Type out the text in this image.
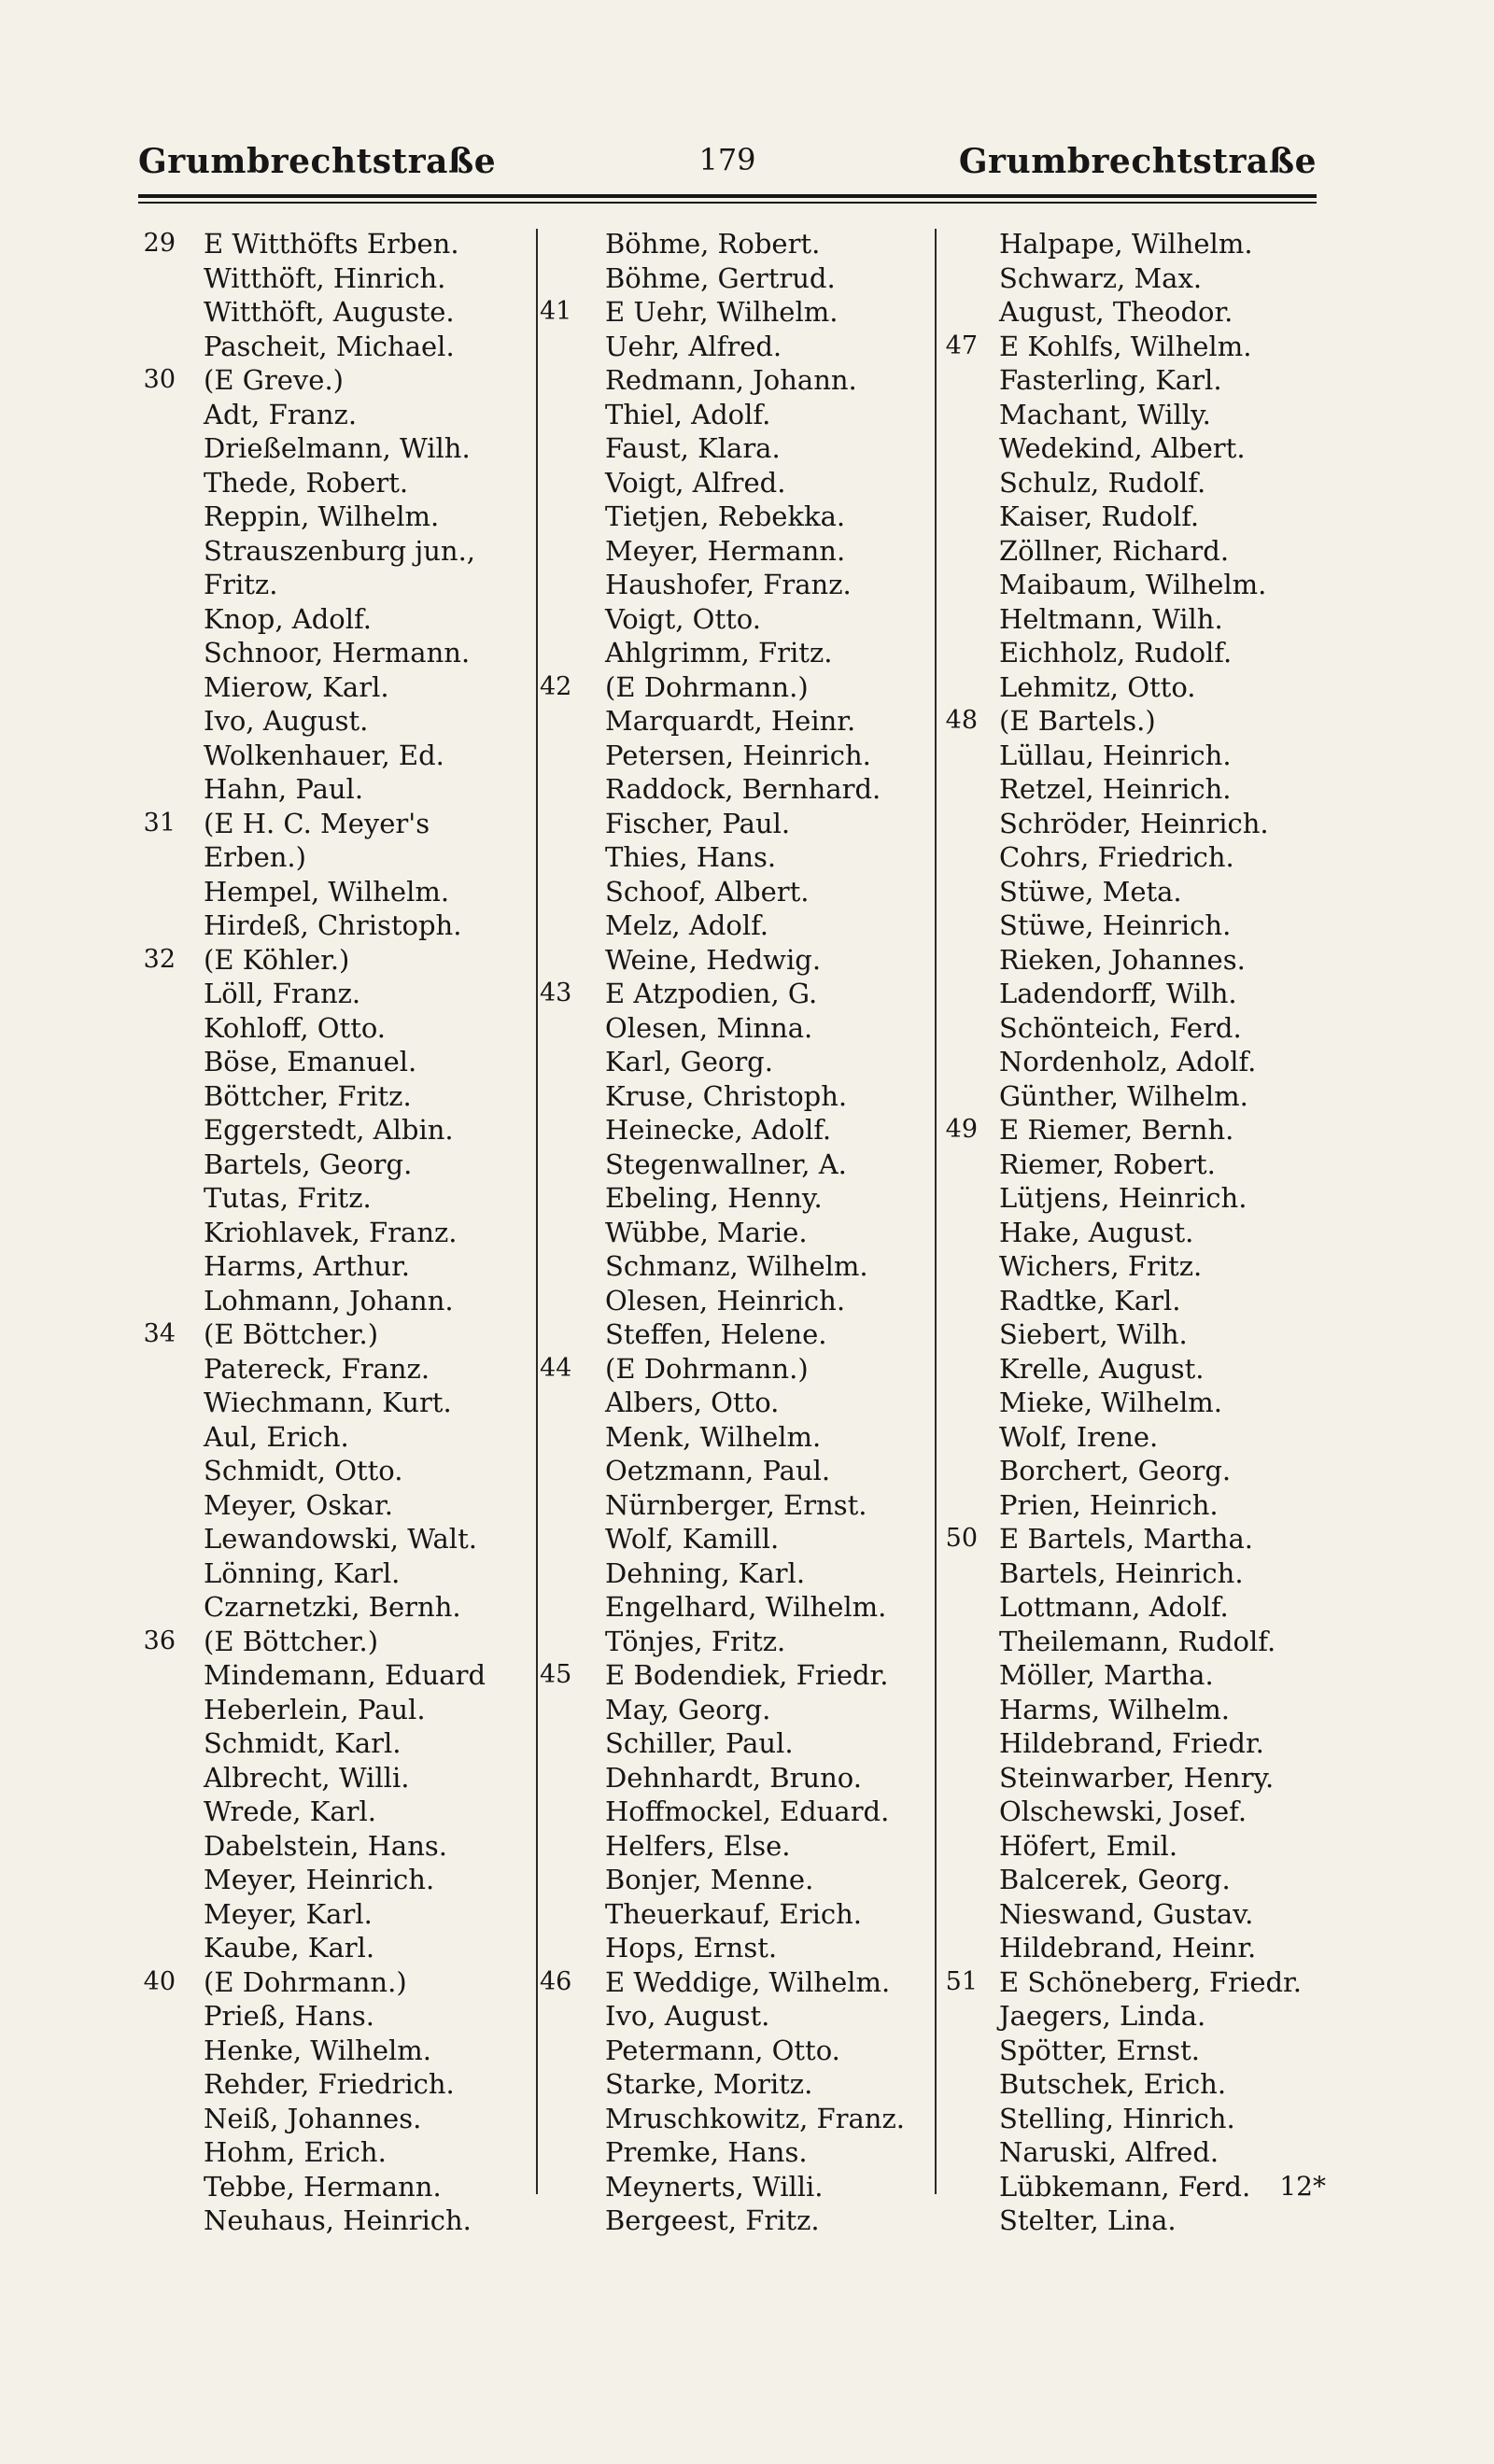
Grumbrechtstraße	179	Grumbrechtstraße
29 E Witthöfts Erben.
Witthöft, Hinrich.
Witthöft, Auguste.
Pascheit, Michael.
30 (E Greve.)
Adt, Franz.
Drießelmann, Wilh.
Thede, Robert.
Reppin, Wilhelm.
Strauszenburg jun.,
Fritz.
Knop, Adolf.
Schnoor, Hermann.
Mierow, Karl.
Ivo, August.
Wolkenhauer, Ed.
Hahn, Paul.
31 (E H. C. Meyer's
Erben.)
Hempel, Wilhelm.
Hirdeß, Christoph.
32 (E Köhler.)
Löll, Franz.
Kohloff, Otto.
Böse, Emanuel.
Böttcher, Fritz.
Eggerstedt, Albin.
Bartels, Georg.
Tutas, Fritz.
Kriohlavek, Franz.
Harms, Arthur.
Lohmann, Johann.
34 (E Böttcher.)
Patereck, Franz.
Wiechmann, Kurt.
Aul, Erich.
Schmidt, Otto.
Meyer, Oskar.
Lewandowski, Walt.
Lönning, Karl.
Czarnetzki, Bernh.
36 (E Böttcher.)
Mindemann, Eduard
Heberlein, Paul.
Schmidt, Karl.
Albrecht, Willi.
Wrede, Karl.
Dabelstein, Hans.
Meyer, Heinrich.
Meyer, Karl.
Kaube, Karl.
40 (E Dohrmann.)
Prieß, Hans.
Henke, Wilhelm.
Rehder, Friedrich.
Neiß, Johannes.
Hohm, Erich.
Tebbe, Hermann.
Neuhaus, Heinrich.
Böhme, Robert.
Böhme, Gertrud.
41 E Uehr, Wilhelm.
Uehr, Alfred.
Redmann, Johann.
Thiel, Adolf.
Faust, Klara.
Voigt, Alfred.
Tietjen, Rebekka.
Meyer, Hermann.
Haushofer, Franz.
Voigt, Otto.
Ahlgrimm, Fritz.
42 (E Dohrmann.)
Marquardt, Heinr.
Petersen, Heinrich.
Raddock, Bernhard.
Fischer, Paul.
Thies, Hans.
Schoof, Albert.
Melz, Adolf.
Weine, Hedwig.
43 E Atzpodien, G.
Olesen, Minna.
Karl, Georg.
Kruse, Christoph.
Heinecke, Adolf.
Stegenwallner, A.
Ebeling, Henny.
Wübbe, Marie.
Schmanz, Wilhelm.
Olesen, Heinrich.
Steffen, Helene.
44 (E Dohrmann.)
Albers, Otto.
Menk, Wilhelm.
Oetzmann, Paul.
Nürnberger, Ernst.
Wolf, Kamill.
Dehning, Karl.
Engelhard, Wilhelm.
Tönjes, Fritz.
45 E Bodendiek, Friedr.
May, Georg.
Schiller, Paul.
Dehnhardt, Bruno.
Hoffmockel, Eduard.
Helfers, Else.
Bonjer, Menne.
Theuerkauf, Erich.
Hops, Ernst.
46 E Weddige, Wilhelm.
Ivo, August.
Petermann, Otto.
Starke, Moritz.
Mruschkowitz, Franz.
Premke, Hans.
Meynerts, Willi.
Bergeest, Fritz.
Halpape, Wilhelm.
Schwarz, Max.
August, Theodor.
47 E Kohlfs, Wilhelm.
Fasterling, Karl.
Machant, Willy.
Wedekind, Albert.
Schulz, Rudolf.
Kaiser, Rudolf.
Zöllner, Richard.
Maibaum, Wilhelm.
Heltmann, Wilh.
Eichholz, Rudolf.
Lehmitz, Otto.
48 (E Bartels.)
Lüllau, Heinrich.
Retzel, Heinrich.
Schröder, Heinrich.
Cohrs, Friedrich.
Stüwe, Meta.
Stüwe, Heinrich.
Rieken, Johannes.
Ladendorff, Wilh.
Schönteich, Ferd.
Nordenholz, Adolf.
Günther, Wilhelm.
49 E Riemer, Bernh.
Riemer, Robert.
Lütjens, Heinrich.
Hake, August.
Wichers, Fritz.
Radtke, Karl.
Siebert, Wilh.
Krelle, August.
Mieke, Wilhelm.
Wolf, Irene.
Borchert, Georg.
Prien, Heinrich.
50 E Bartels, Martha.
Bartels, Heinrich.
Lottmann, Adolf.
Theilemann, Rudolf.
Möller, Martha.
Harms, Wilhelm.
Hildebrand, Friedr.
Steinwarber, Henry.
Olschewski, Josef.
Höfert, Emil.
Balcerek, Georg.
Nieswand, Gustav.
Hildebrand, Heinr.
51 E Schöneberg, Friedr.
Jaegers, Linda.
Spötter, Ernst.
Butschek, Erich.
Stelling, Hinrich.
Naruski, Alfred.
Lübkemann, Ferd.
Stelter, Lina.
12*
